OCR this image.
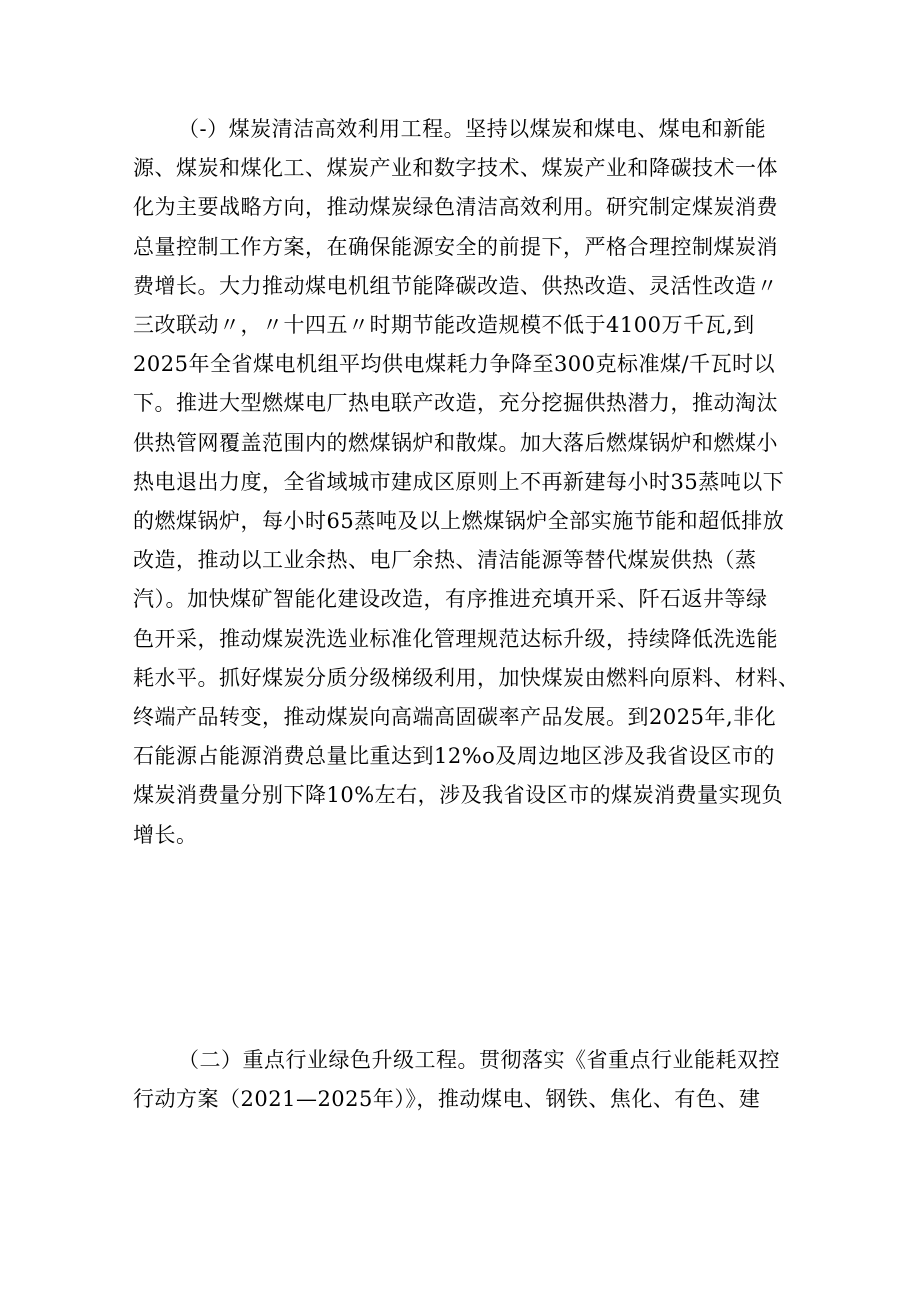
（-）煤炭清洁高效利用工程。坚持以煤炭和煤电、煤电和新能
源、煤炭和煤化工、煤炭产业和数字技术、煤炭产业和降碳技术一体
化为主要战略方向，推动煤炭绿色清洁高效利用。研究制定煤炭消费
总量控制工作方案，在确保能源安全的前提下，严格合理控制煤炭消
费增长。大力推动煤电机组节能降碳改造、供热改造、灵活性改造〃
三改联动〃，〃十四五〃时期节能改造规模不低于4100万千瓦,到
2025年全省煤电机组平均供电煤耗力争降至300克标准煤/千瓦时以
下。推进大型燃煤电厂热电联产改造，充分挖掘供热潜力，推动淘汰
供热管网覆盖范围内的燃煤锅炉和散煤。加大落后燃煤锅炉和燃煤小
热电退出力度，全省域城市建成区原则上不再新建每小时35蒸吨以下
的燃煤锅炉，每小时65蒸吨及以上燃煤锅炉全部实施节能和超低排放
改造，推动以工业余热、电厂余热、清洁能源等替代煤炭供热（蒸
汽）。加快煤矿智能化建设改造，有序推进充填开采、阡石返井等绿
色开采，推动煤炭洗选业标准化管理规范达标升级，持续降低洗选能
耗水平。抓好煤炭分质分级梯级利用，加快煤炭由燃料向原料、材料、
终端产品转变，推动煤炭向高端高固碳率产品发展。到2025年,非化
石能源占能源消费总量比重达到12%o及周边地区涉及我省设区市的
煤炭消费量分别下降10%左右，涉及我省设区市的煤炭消费量实现负
增长。
（二）重点行业绿色升级工程。贯彻落实《省重点行业能耗双控
行动方案（2021—2025年）》，推动煤电、钢铁、焦化、有色、建
